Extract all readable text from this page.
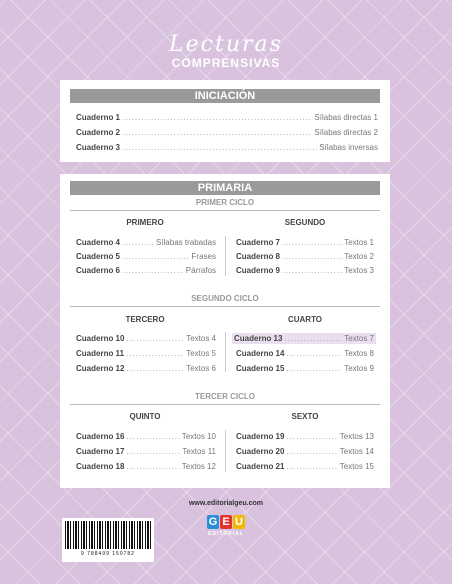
Lecturas
COMPRENSIVAS
INICIACIÓN
Cuaderno 1 .....	Sílabas directas 1
Cuaderno 2 .....	Sílabas directas 2
Cuaderno 3 .....	Sílabas inversas
PRIMARIA
PRIMER CICLO
PRIMERO	SEGUNDO
Cuaderno 4 .....	Sílabas trabadas
Cuaderno 5 .....	Frases
Cuaderno 6 .....	Párrafos
Cuaderno 7 .....	Textos 1
Cuaderno 8 .....	Textos 2
Cuaderno 9 .....	Textos 3
SEGUNDO CICLO
TERCERO	CUARTO
Cuaderno 10 .....	Textos 4
Cuaderno 11 .....	Textos 5
Cuaderno 12 .....	Textos 6
Cuaderno 13 .....	Textos 7
Cuaderno 14 .....	Textos 8
Cuaderno 15 .....	Textos 9
TERCER CICLO
QUINTO	SEXTO
Cuaderno 16 .....	Textos 10
Cuaderno 17 .....	Textos 11
Cuaderno 18 .....	Textos 12
Cuaderno 19 .....	Textos 13
Cuaderno 20 .....	Textos 14
Cuaderno 21 .....	Textos 15
www.editorialgeu.com
9 788499 150782
G E U
EDITORIAL
